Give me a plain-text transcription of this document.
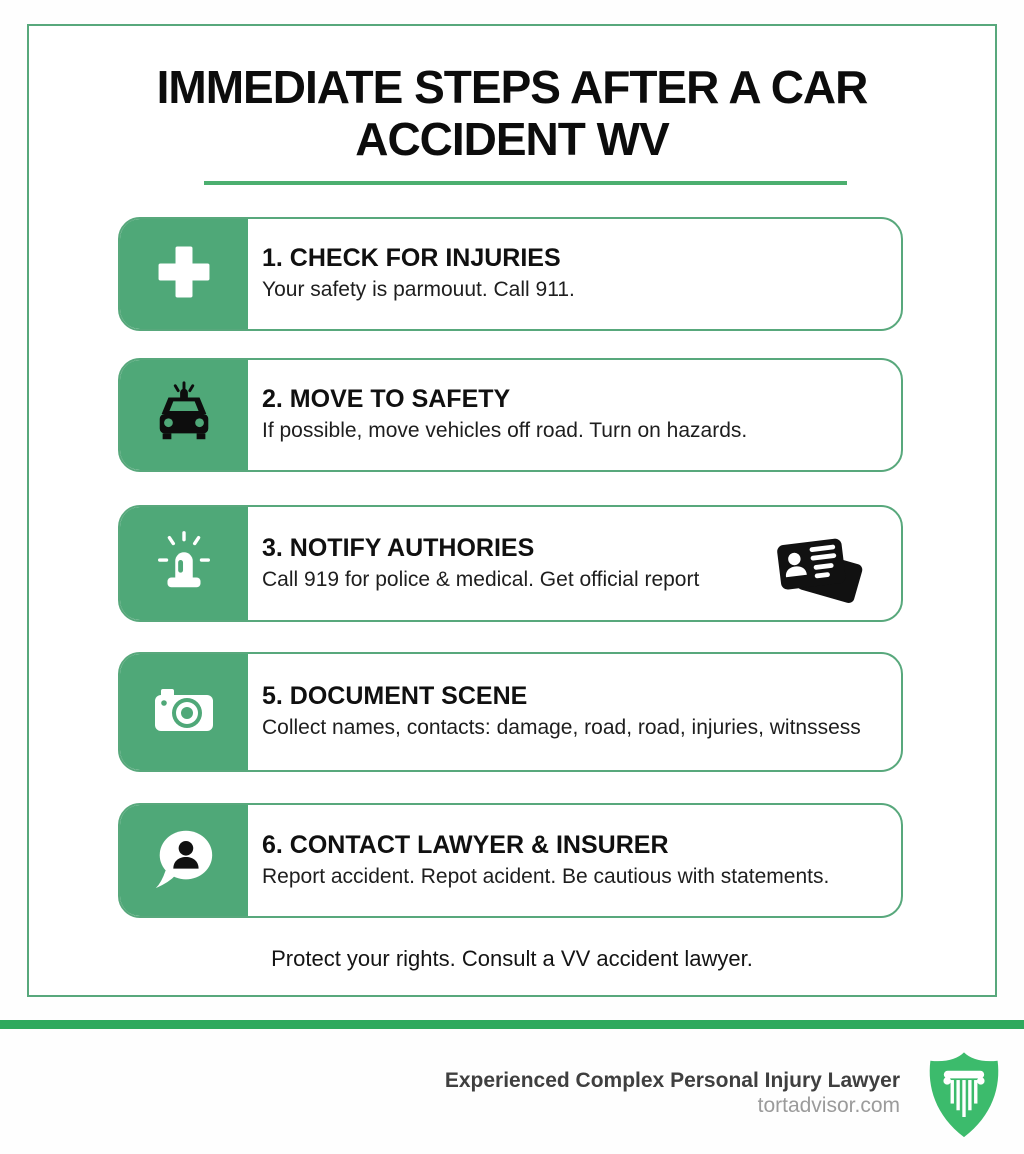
IMMEDIATE STEPS AFTER A CAR
ACCIDENT WV
1. CHECK FOR INJURIES
Your safety is parmouut. Call 911.
2. MOVE TO SAFETY
If possible, move vehicles off road. Turn on hazards.
3. NOTIFY AUTHORIES
Call 919 for police & medical. Get official report
5. DOCUMENT SCENE
Collect names, contacts: damage, road, road, injuries, witnssess
6. CONTACT LAWYER & INSURER
Report accident. Repot acident. Be cautious with statements.
Protect your rights. Consult a VV accident lawyer.
Experienced Complex Personal Injury Lawyer
tortadvisor.com
